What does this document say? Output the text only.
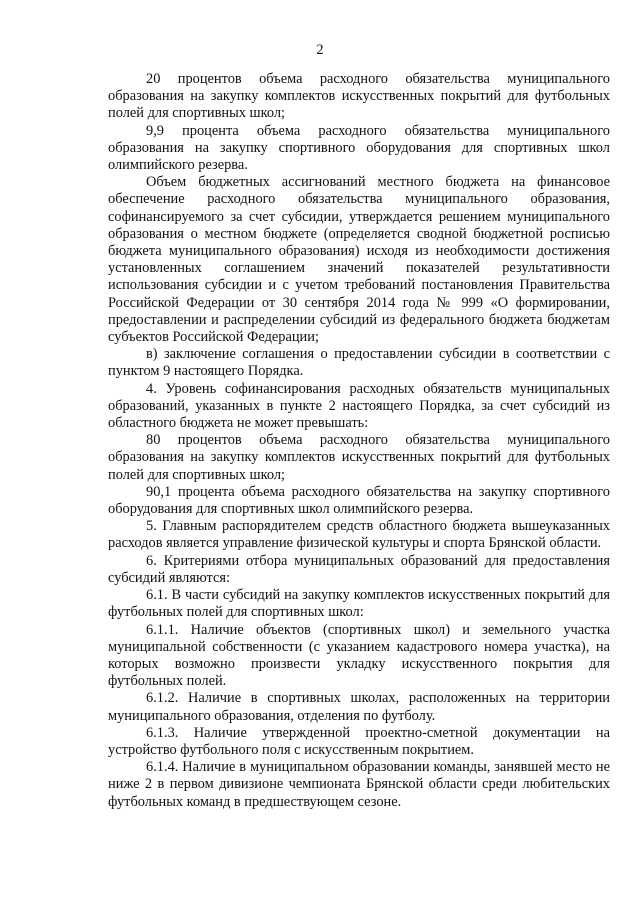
2

20 процентов объема расходного обязательства муниципального образования на закупку комплектов искусственных покрытий для футбольных полей для спортивных школ;

9,9 процента объема расходного обязательства муниципального образования на закупку спортивного оборудования для спортивных школ олимпийского резерва.

Объем бюджетных ассигнований местного бюджета на финансовое обеспечение расходного обязательства муниципального образования, софинансируемого за счет субсидии, утверждается решением муниципального образования о местном бюджете (определяется сводной бюджетной росписью бюджета муниципального образования) исходя из необходимости достижения установленных соглашением значений показателей результативности использования субсидии и с учетом требований постановления Правительства Российской Федерации от 30 сентября 2014 года № 999 «О формировании, предоставлении и распределении субсидий из федерального бюджета бюджетам субъектов Российской Федерации;

в) заключение соглашения о предоставлении субсидии в соответствии с пунктом 9 настоящего Порядка.

4. Уровень софинансирования расходных обязательств муниципальных образований, указанных в пункте 2 настоящего Порядка, за счет субсидий из областного бюджета не может превышать:

80 процентов объема расходного обязательства муниципального образования на закупку комплектов искусственных покрытий для футбольных полей для спортивных школ;

90,1 процента объема расходного обязательства на закупку спортивного оборудования для спортивных школ олимпийского резерва.

5. Главным распорядителем средств областного бюджета вышеуказанных расходов является управление физической культуры и спорта Брянской области.

6. Критериями отбора муниципальных образований для предоставления субсидий являются:

6.1. В части субсидий на закупку комплектов искусственных покрытий для футбольных полей для спортивных школ:

6.1.1. Наличие объектов (спортивных школ) и земельного участка муниципальной собственности (с указанием кадастрового номера участка), на которых возможно произвести укладку искусственного покрытия для футбольных полей.

6.1.2. Наличие в спортивных школах, расположенных на территории муниципального образования, отделения по футболу.

6.1.3. Наличие утвержденной проектно-сметной документации на устройство футбольного поля с искусственным покрытием.

6.1.4. Наличие в муниципальном образовании команды, занявшей место не ниже 2 в первом дивизионе чемпионата Брянской области среди любительских футбольных команд в предшествующем сезоне.
